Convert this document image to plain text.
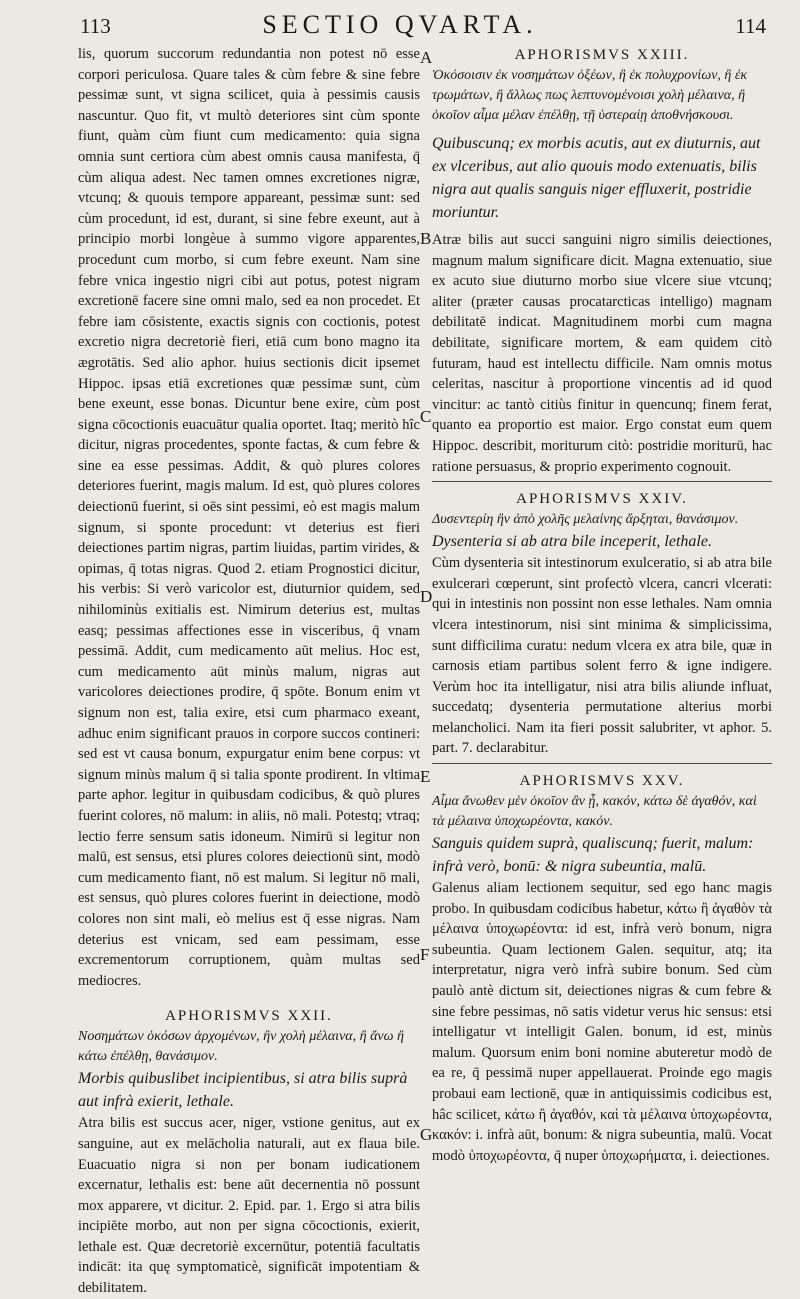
113	SECTIO QVARTA.	114
A
B
C
D
E
F
G

lis, quorum succorum redundantia non potest nō esse corpori periculosa. Quare tales & cùm febre & sine febre pessimæ sunt, vt signa scilicet, quia à pessimis causis nascuntur. Quo fit, vt multò deteriores sint cùm sponte fiunt, quàm cùm fiunt cum medicamento: quia signa omnia sunt certiora cùm abest omnis causa manifesta, q̄ cùm aliqua adest. Nec tamen omnes excretiones nigræ, vtcunq; & quouis tempore appareant, pessimæ sunt: sed cùm procedunt, id est, durant, si sine febre exeunt, aut à principio morbi longèue à summo vigore apparentes, procedunt cum morbo, si cum febre exeunt. Nam sine febre vnica ingestio nigri cibi aut potus, potest nigram excretionē facere sine omni malo, sed ea non procedet. Et febre iam cōsistente, exactis signis con coctionis, potest excretio nigra decretoriè fieri, etiā cum bono magno ita ægrotātis. Sed alio aphor. huius sectionis dicit ipsemet Hippoc. ipsas etiā excretiones quæ pessimæ sunt, cùm bene exeunt, esse bonas. Dicuntur bene exire, cùm post signa cōcoctionis euacuātur qualia oportet. Itaq; meritò hîc dicitur, nigras procedentes, sponte factas, & cum febre & sine ea esse pessimas. Addit, & quò plures colores deteriores fuerint, magis malum. Id est, quò plures colores deiectionū fuerint, si oēs sint pessimi, eò est magis malum signum, si sponte procedunt: vt deterius est fieri deiectiones partim nigras, partim liuidas, partim virides, & opimas, q̄ totas nigras. Quod 2. etiam Prognostici dicitur, his verbis: Si verò varicolor est, diuturnior quidem, sed nihilominùs exitialis est. Nimirum deterius est, multas easq; pessimas affectiones esse in visceribus, q̄ vnam pessimā. Addit, cum medicamento aūt melius. Hoc est, cum medicamento aūt minùs malum, nigras aut varicolores deiectiones prodire, q̄ spōte. Bonum enim vt signum non est, talia exire, etsi cum pharmaco exeant, adhuc enim significant prauos in corpore succos contineri: sed est vt causa bonum, expurgatur enim bene corpus: vt signum minùs malum q̄ si talia sponte prodirent. In vltima parte aphor. legitur in quibusdam codicibus, & quò plures fuerint colores, nō malum: in aliis, nō mali. Potestq; vtraq; lectio ferre sensum satis idoneum. Nimirū si legitur non malū, est sensus, etsi plures colores deiectionū sint, modò cum medicamento fiant, nō est malum. Si legitur nō mali, est sensus, quò plures colores fuerint in deiectione, modò colores non sint mali, eò melius est q̄ esse nigras. Nam deterius est vnicam, sed eam pessimam, esse excrementorum corruptionem, quàm multas sed mediocres.

APHORISMVS XXII.

Νοσημάτων ὁκόσων ἀρχομένων, ἢν χολὴ μέλαινα, ἢ ἄνω ἢ κάτω ἐπέλθῃ, θανάσιμον.

Morbis quibuslibet incipientibus, si atra bilis suprà aut infrà exierit, lethale.

Atra bilis est succus acer, niger, vstione genitus, aut ex sanguine, aut ex melācholia naturali, aut ex flaua bile. Euacuatio nigra si non per bonam iudicationem excernatur, lethalis est: bene aūt decernentia nō possunt mox apparere, vt dicitur. 2. Epid. par. 1. Ergo si atra bilis incipiēte morbo, aut non per signa cōcoctionis, exierit, lethale est. Quæ decretoriè excernūtur, potentiā facultatis indicāt: ita quę symptomaticè, significāt impotentiam & debilitatem.

APHORISMVS XXIII.

Ὁκόσοισιν ἐκ νοσημάτων ὀξέων, ἢ ἐκ πολυχρονίων, ἢ ἐκ τρωμάτων, ἢ ἄλλως πως λεπτυνομένοισι χολὴ μέλαινα, ἢ ὁκοῖον αἷμα μέλαν ἐπέλθῃ, τῇ ὑστεραίῃ ἀποθνήσκουσι.

Quibuscunq; ex morbis acutis, aut ex diuturnis, aut ex vlceribus, aut alio quouis modo extenuatis, bilis nigra aut qualis sanguis niger effluxerit, postridie moriuntur.

Atræ bilis aut succi sanguini nigro similis deiectiones, magnum malum significare dicit. Magna extenuatio, siue ex acuto siue diuturno morbo siue vlcere siue vtcunq; aliter (præter causas procatarcticas intelligo) magnam debilitatē indicat. Magnitudinem morbi cum magna debilitate, significare mortem, & eam quidem citò futuram, haud est intellectu difficile. Nam omnis motus celeritas, nascitur à proportione vincentis ad id quod vincitur: ac tantò citiùs finitur in quencunq; finem ferat, quanto ea proportio est maior. Ergo constat eum quem Hippoc. describit, moriturum citò: postridie moriturū, hac ratione persuasus, & proprio experimento cognouit.

APHORISMVS XXIV.

Δυσεντερίη ἢν ἀπὸ χολῆς μελαίνης ἄρξηται, θανάσιμον.

Dysenteria si ab atra bile inceperit, lethale.

Cùm dysenteria sit intestinorum exulceratio, si ab atra bile exulcerari cœperunt, sint profectò vlcera, cancri vlcerati: qui in intestinis non possint non esse lethales. Nam omnia vlcera intestinorum, nisi sint minima & simplicissima, sunt difficilima curatu: nedum vlcera ex atra bile, quæ in carnosis etiam partibus solent ferro & igne indigere. Verùm hoc ita intelligatur, nisi atra bilis aliunde influat, succedatq; dysenteria permutatione alterius morbi melancholici. Nam ita fieri possit salubriter, vt aphor. 5. part. 7. declarabitur.

APHORISMVS XXV.

Αἷμα ἄνωθεν μὲν ὁκοῖον ἂν ᾖ, κακόν, κάτω δὲ ἀγαθόν, καὶ τὰ μέλαινα ὑποχωρέοντα, κακόν.

Sanguis quidem suprà, qualiscunq; fuerit, malum: infrà verò, bonū: & nigra subeuntia, malū.

Galenus aliam lectionem sequitur, sed ego hanc magis probo. In quibusdam codicibus habetur, κάτω ἢ ἀγαθὸν τὰ μέλαινα ὑποχωρέοντα: id est, infrà verò bonum, nigra subeuntia. Quam lectionem Galen. sequitur, atq; ita interpretatur, nigra verò infrà subire bonum. Sed cùm paulò antè dictum sit, deiectiones nigras & cum febre & sine febre pessimas, nō satis videtur verus hic sensus: etsi intelligatur vt intelligit Galen. bonum, id est, minùs malum. Quorsum enim boni nomine abuteretur modò de ea re, q̄ pessimā nuper appellauerat. Proinde ego magis probaui eam lectionē, quæ in antiquissimis codicibus est, hâc scilicet, κάτω ἢ ἀγαθόν, καὶ τὰ μέλαινα ὑποχωρέοντα, κακόν: i. infrà aūt, bonum: & nigra subeuntia, malū. Vocat modò ὑποχωρέοντα, q̄ nuper ὑποχωρήματα, i. deiectiones.
